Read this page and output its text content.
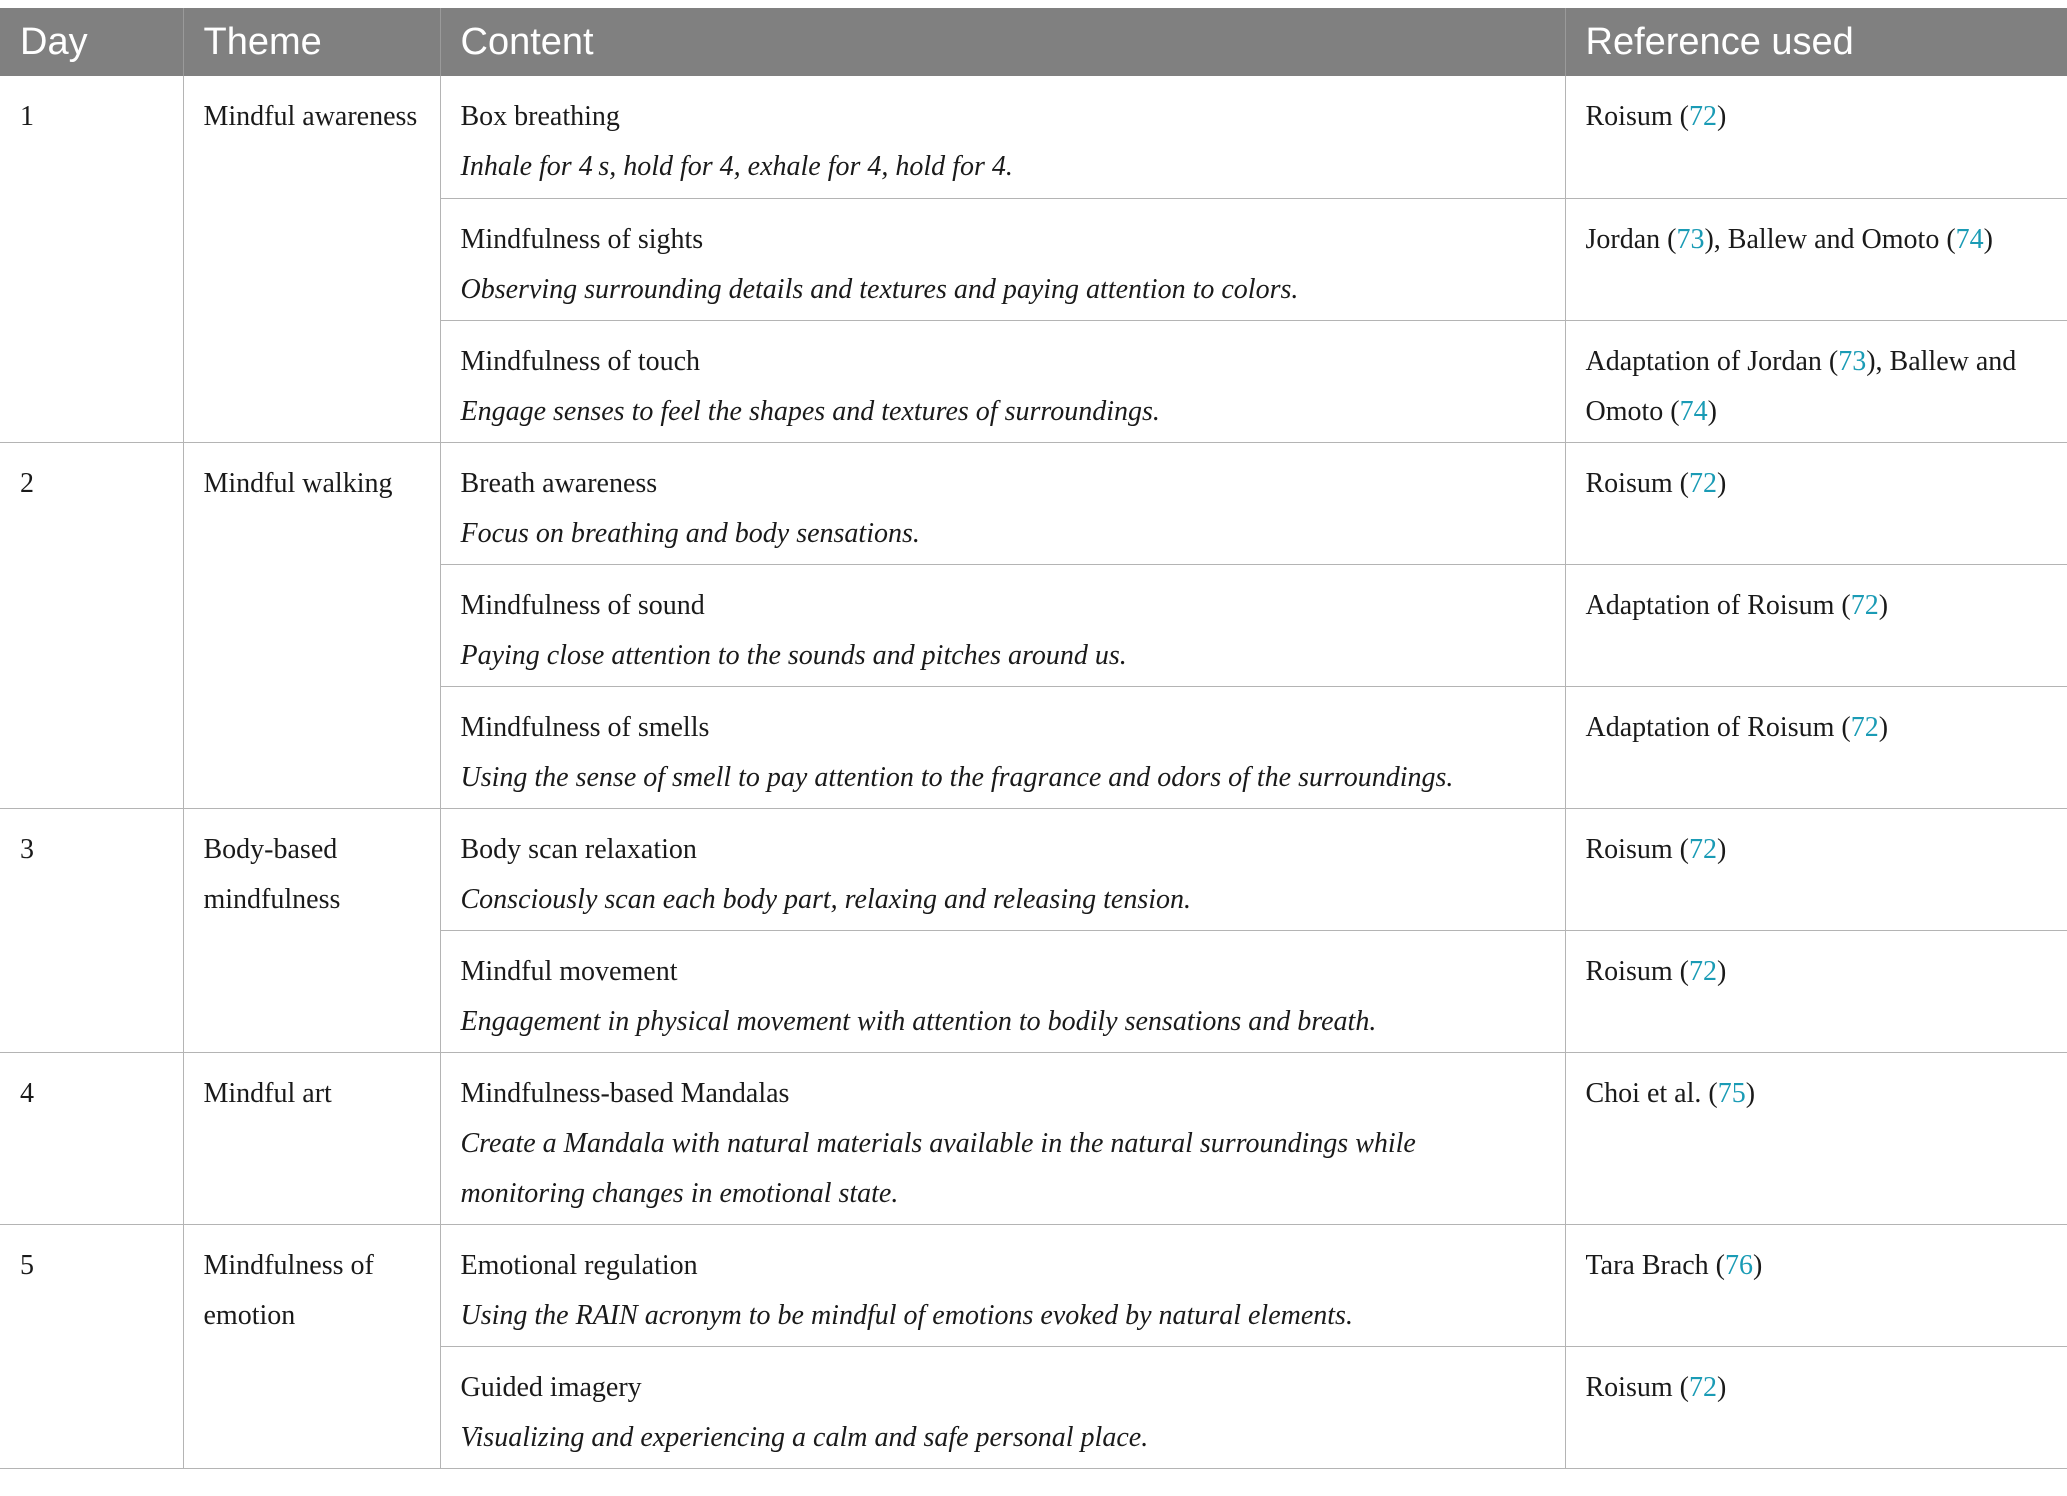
Day	Theme	Content	Reference used
1	Mindful awareness	Box breathing
Inhale for 4 s, hold for 4, exhale for 4, hold for 4.	Roisum (72)

		Mindfulness of sights
Observing surrounding details and textures and paying attention to colors.	Jordan (73), Ballew and Omoto (74)

		Mindfulness of touch
Engage senses to feel the shapes and textures of surroundings.	Adaptation of Jordan (73), Ballew and Omoto (74)
2	Mindful walking	Breath awareness
Focus on breathing and body sensations.	Roisum (72)

		Mindfulness of sound
Paying close attention to the sounds and pitches around us.	Adaptation of Roisum (72)

		Mindfulness of smells
Using the sense of smell to pay attention to the fragrance and odors of the surroundings.	Adaptation of Roisum (72)
3	Body-based mindfulness	Body scan relaxation
Consciously scan each body part, relaxing and releasing tension.	Roisum (72)

		Mindful movement
Engagement in physical movement with attention to bodily sensations and breath.	Roisum (72)
4	Mindful art	Mindfulness-based Mandalas
Create a Mandala with natural materials available in the natural surroundings while monitoring changes in emotional state.	Choi et al. (75)
5	Mindfulness of emotion	Emotional regulation
Using the RAIN acronym to be mindful of emotions evoked by natural elements.	Tara Brach (76)

		Guided imagery
Visualizing and experiencing a calm and safe personal place.	Roisum (72)
